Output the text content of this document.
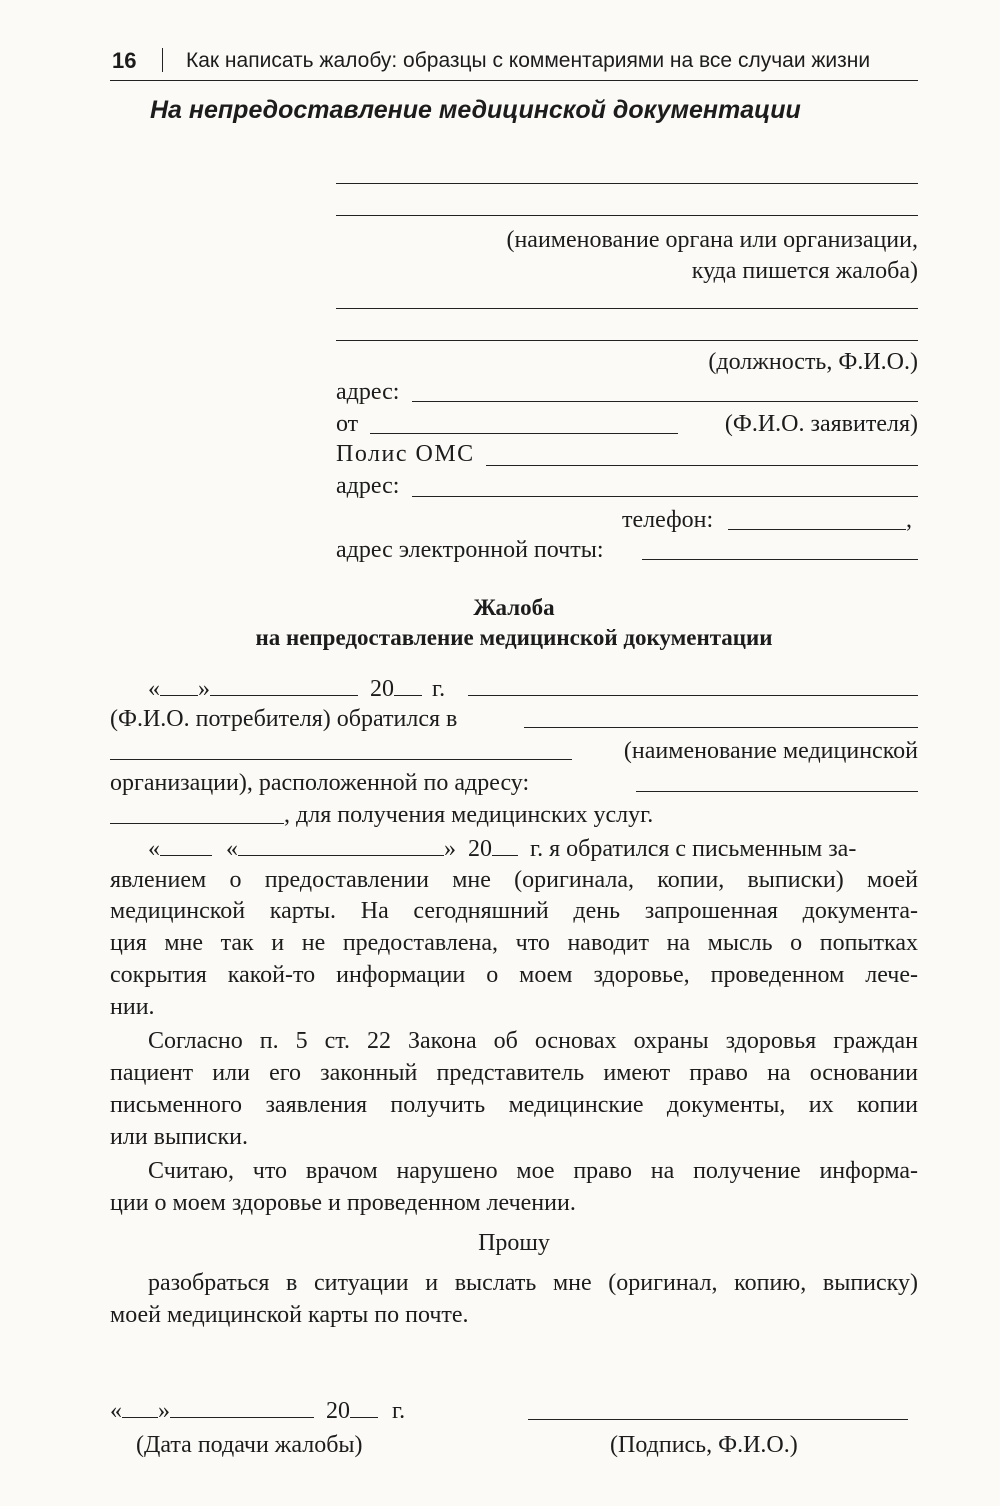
16 Как написать жалобу: образцы с комментариями на все случаи жизни
На непредоставление медицинской документации
(наименование органа или организации,
куда пишется жалоба)
(должность, Ф.И.О.)
адрес:
от	(Ф.И.О. заявителя)
Полис ОМС
адрес:
телефон:	,
адрес электронной почты:
Жалоба
на непредоставление медицинской документации
« »	20 г.
(Ф.И.О. потребителя) обратился в
(наименование медицинской
организации), расположенной по адресу:
, для получения медицинских услуг.
«	«	» 20 г. я обратился с письменным за-
явлением о предоставлении мне (оригинала, копии, выписки) моей
медицинской карты. На сегодняшний день запрошенная документа-
ция мне так и не предоставлена, что наводит на мысль о попытках
сокрытия какой-то информации о моем здоровье, проведенном лече-
нии.
Согласно п. 5 ст. 22 Закона об основах охраны здоровья граждан
пациент или его законный представитель имеют право на основании
письменного заявления получить медицинские документы, их копии
или выписки.
Считаю, что врачом нарушено мое право на получение информа-
ции о моем здоровье и проведенном лечении.
Прошу
разобраться в ситуации и выслать мне (оригинал, копию, выписку)
моей медицинской карты по почте.
« »	20 г.
(Дата подачи жалобы)	(Подпись, Ф.И.О.)
